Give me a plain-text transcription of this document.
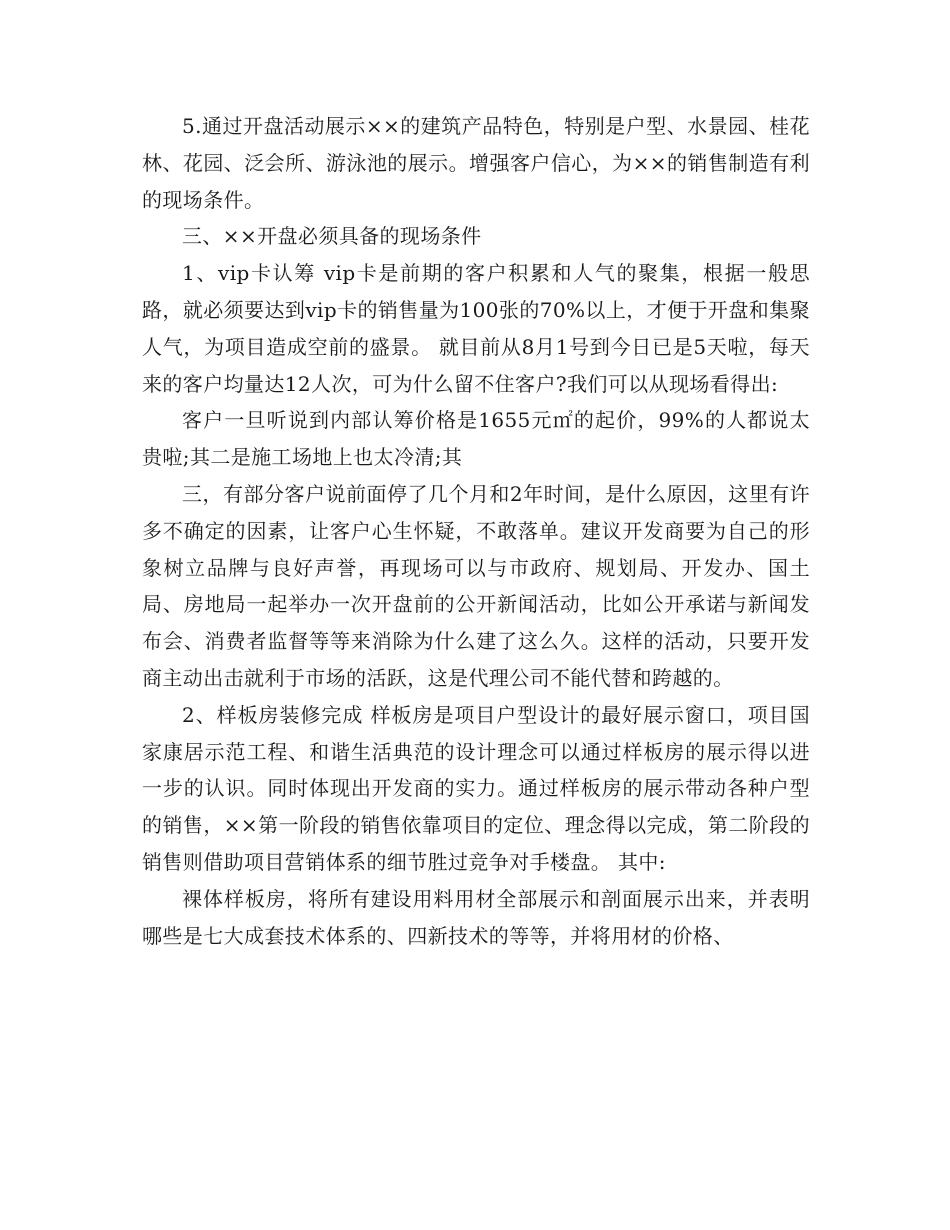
5.通过开盘活动展示××的建筑产品特色，特别是户型、水景园、桂花林、花园、泛会所、游泳池的展示。增强客户信心，为××的销售制造有利的现场条件。

三、××开盘必须具备的现场条件

1、vip卡认筹 vip卡是前期的客户积累和人气的聚集，根据一般思路，就必须要达到vip卡的销售量为100张的70%以上，才便于开盘和集聚人气，为项目造成空前的盛景。 就目前从8月1号到今日已是5天啦，每天来的客户均量达12人次，可为什么留不住客户?我们可以从现场看得出:

客户一旦听说到内部认筹价格是1655元㎡的起价，99%的人都说太贵啦;其二是施工场地上也太冷清;其

三，有部分客户说前面停了几个月和2年时间，是什么原因，这里有许多不确定的因素，让客户心生怀疑，不敢落单。建议开发商要为自己的形象树立品牌与良好声誉，再现场可以与市政府、规划局、开发办、国土局、房地局一起举办一次开盘前的公开新闻活动，比如公开承诺与新闻发布会、消费者监督等等来消除为什么建了这么久。这样的活动，只要开发商主动出击就利于市场的活跃，这是代理公司不能代替和跨越的。

2、样板房装修完成 样板房是项目户型设计的最好展示窗口，项目国家康居示范工程、和谐生活典范的设计理念可以通过样板房的展示得以进一步的认识。同时体现出开发商的实力。通过样板房的展示带动各种户型的销售，××第一阶段的销售依靠项目的定位、理念得以完成，第二阶段的销售则借助项目营销体系的细节胜过竞争对手楼盘。 其中:

裸体样板房，将所有建设用料用材全部展示和剖面展示出来，并表明哪些是七大成套技术体系的、四新技术的等等，并将用材的价格、
